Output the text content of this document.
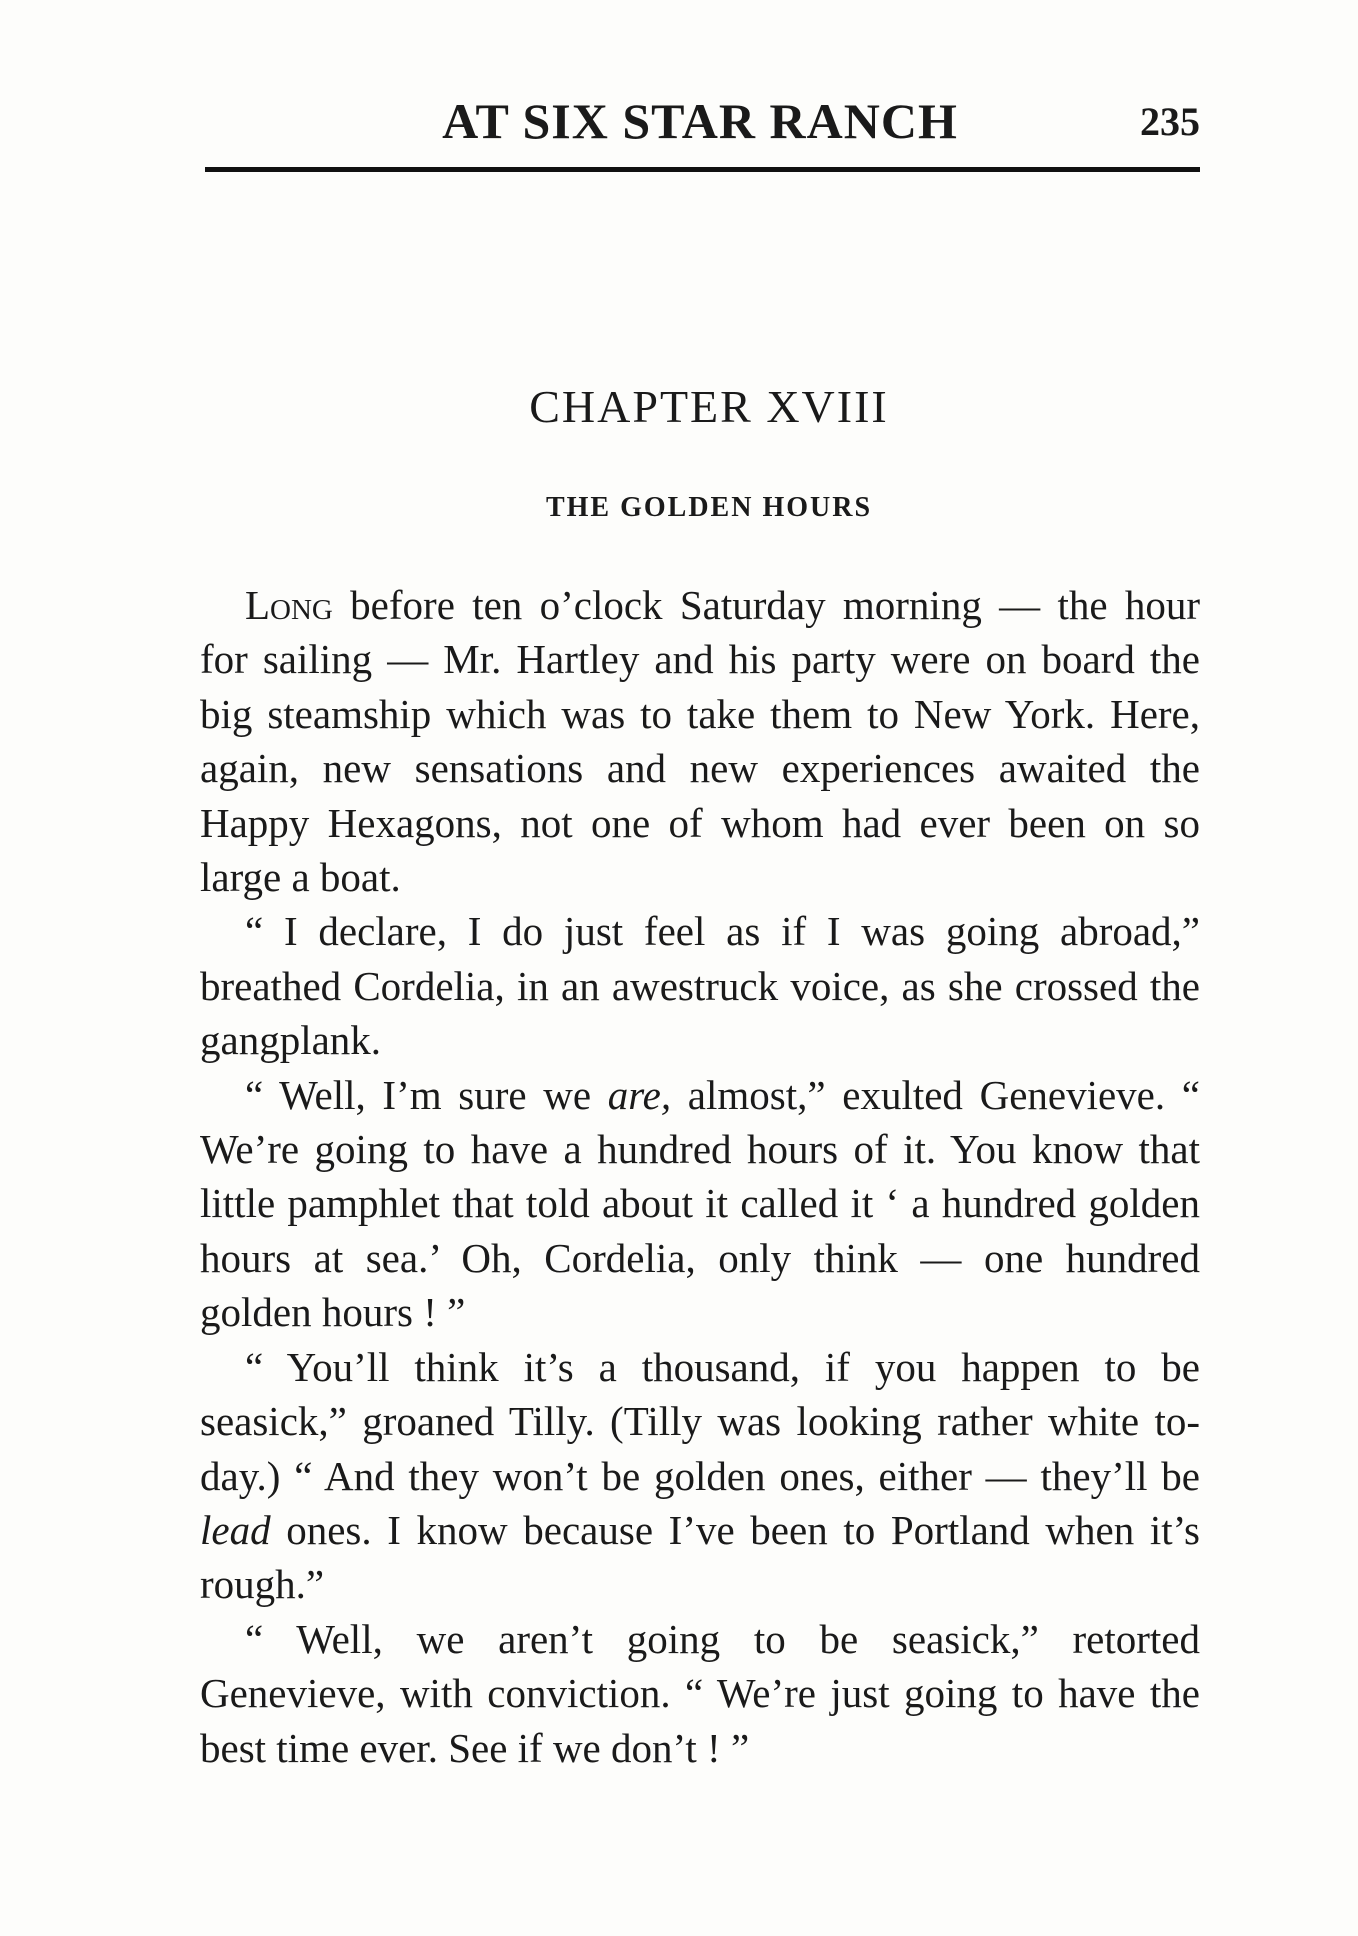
AT SIX STAR RANCH	235
CHAPTER XVIII
THE GOLDEN HOURS

Long before ten o’clock Saturday morning — the hour for sailing — Mr. Hartley and his party were on board the big steamship which was to take them to New York. Here, again, new sensations and new experiences awaited the Happy Hexagons, not one of whom had ever been on so large a boat.

“ I declare, I do just feel as if I was going abroad,” breathed Cordelia, in an awestruck voice, as she crossed the gangplank.

“ Well, I’m sure we are, almost,” exulted Genevieve. “ We’re going to have a hundred hours of it. You know that little pamphlet that told about it called it ‘ a hundred golden hours at sea.’ Oh, Cordelia, only think — one hundred golden hours ! ”

“ You’ll think it’s a thousand, if you happen to be seasick,” groaned Tilly. (Tilly was looking rather white to-day.) “ And they won’t be golden ones, either — they’ll be lead ones. I know because I’ve been to Portland when it’s rough.”

“ Well, we aren’t going to be seasick,” retorted Genevieve, with conviction. “ We’re just going to have the best time ever. See if we don’t ! ”
